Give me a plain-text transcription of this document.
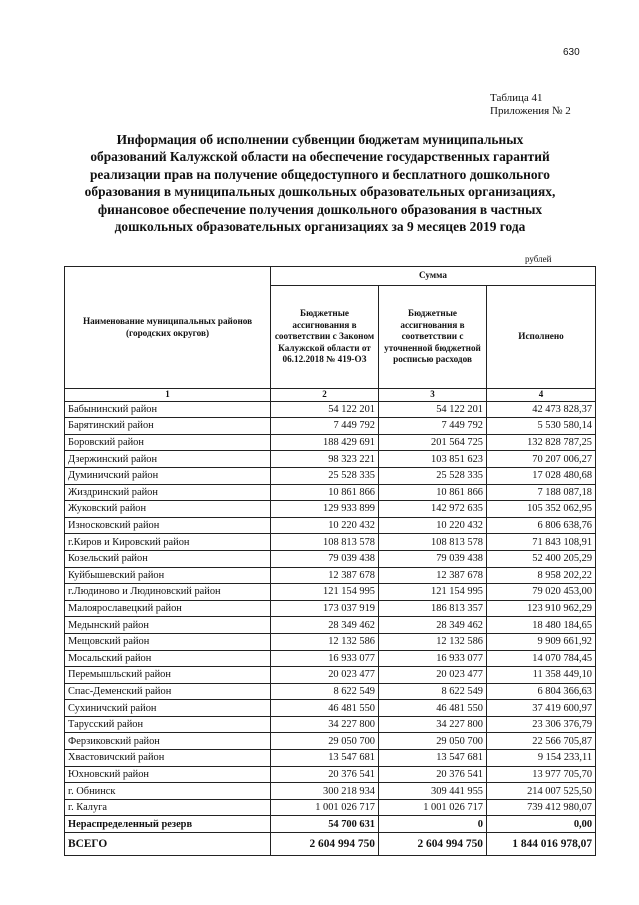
630
Таблица 41
Приложения № 2
Информация об исполнении субвенции бюджетам муниципальных
образований Калужской области на обеспечение государственных гарантий
реализации прав на получение общедоступного и бесплатного дошкольного
образования в муниципальных дошкольных образовательных организациях,
финансовое обеспечение получения дошкольного образования в частных
дошкольных образовательных организациях за 9 месяцев 2019 года
рублей
Наименование муниципальных районов (городских округов)	Сумма		
	Бюджетные ассигнования в соответствии с Законом Калужской области от 06.12.2018 № 419-ОЗ	Бюджетные ассигнования в соответствии с уточненной бюджетной росписью расходов	Исполнено
1	2	3	4
Бабынинский район	54 122 201	54 122 201	42 473 828,37
Барятинский район	7 449 792	7 449 792	5 530 580,14
Боровский район	188 429 691	201 564 725	132 828 787,25
Дзержинский район	98 323 221	103 851 623	70 207 006,27
Думиничский район	25 528 335	25 528 335	17 028 480,68
Жиздринский район	10 861 866	10 861 866	7 188 087,18
Жуковский район	129 933 899	142 972 635	105 352 062,95
Износковский район	10 220 432	10 220 432	6 806 638,76
г.Киров и Кировский район	108 813 578	108 813 578	71 843 108,91
Козельский район	79 039 438	79 039 438	52 400 205,29
Куйбышевский район	12 387 678	12 387 678	8 958 202,22
г.Людиново и Людиновский район	121 154 995	121 154 995	79 020 453,00
Малоярославецкий район	173 037 919	186 813 357	123 910 962,29
Медынский район	28 349 462	28 349 462	18 480 184,65
Мещовский район	12 132 586	12 132 586	9 909 661,92
Мосальский район	16 933 077	16 933 077	14 070 784,45
Перемышльский район	20 023 477	20 023 477	11 358 449,10
Спас-Деменский район	8 622 549	8 622 549	6 804 366,63
Сухиничский район	46 481 550	46 481 550	37 419 600,97
Тарусский район	34 227 800	34 227 800	23 306 376,79
Ферзиковский район	29 050 700	29 050 700	22 566 705,87
Хвастовичский район	13 547 681	13 547 681	9 154 233,11
Юхновский район	20 376 541	20 376 541	13 977 705,70
г. Обнинск	300 218 934	309 441 955	214 007 525,50
г. Калуга	1 001 026 717	1 001 026 717	739 412 980,07
Нераспределенный резерв	54 700 631	0	0,00
ВСЕГО	2 604 994 750	2 604 994 750	1 844 016 978,07
